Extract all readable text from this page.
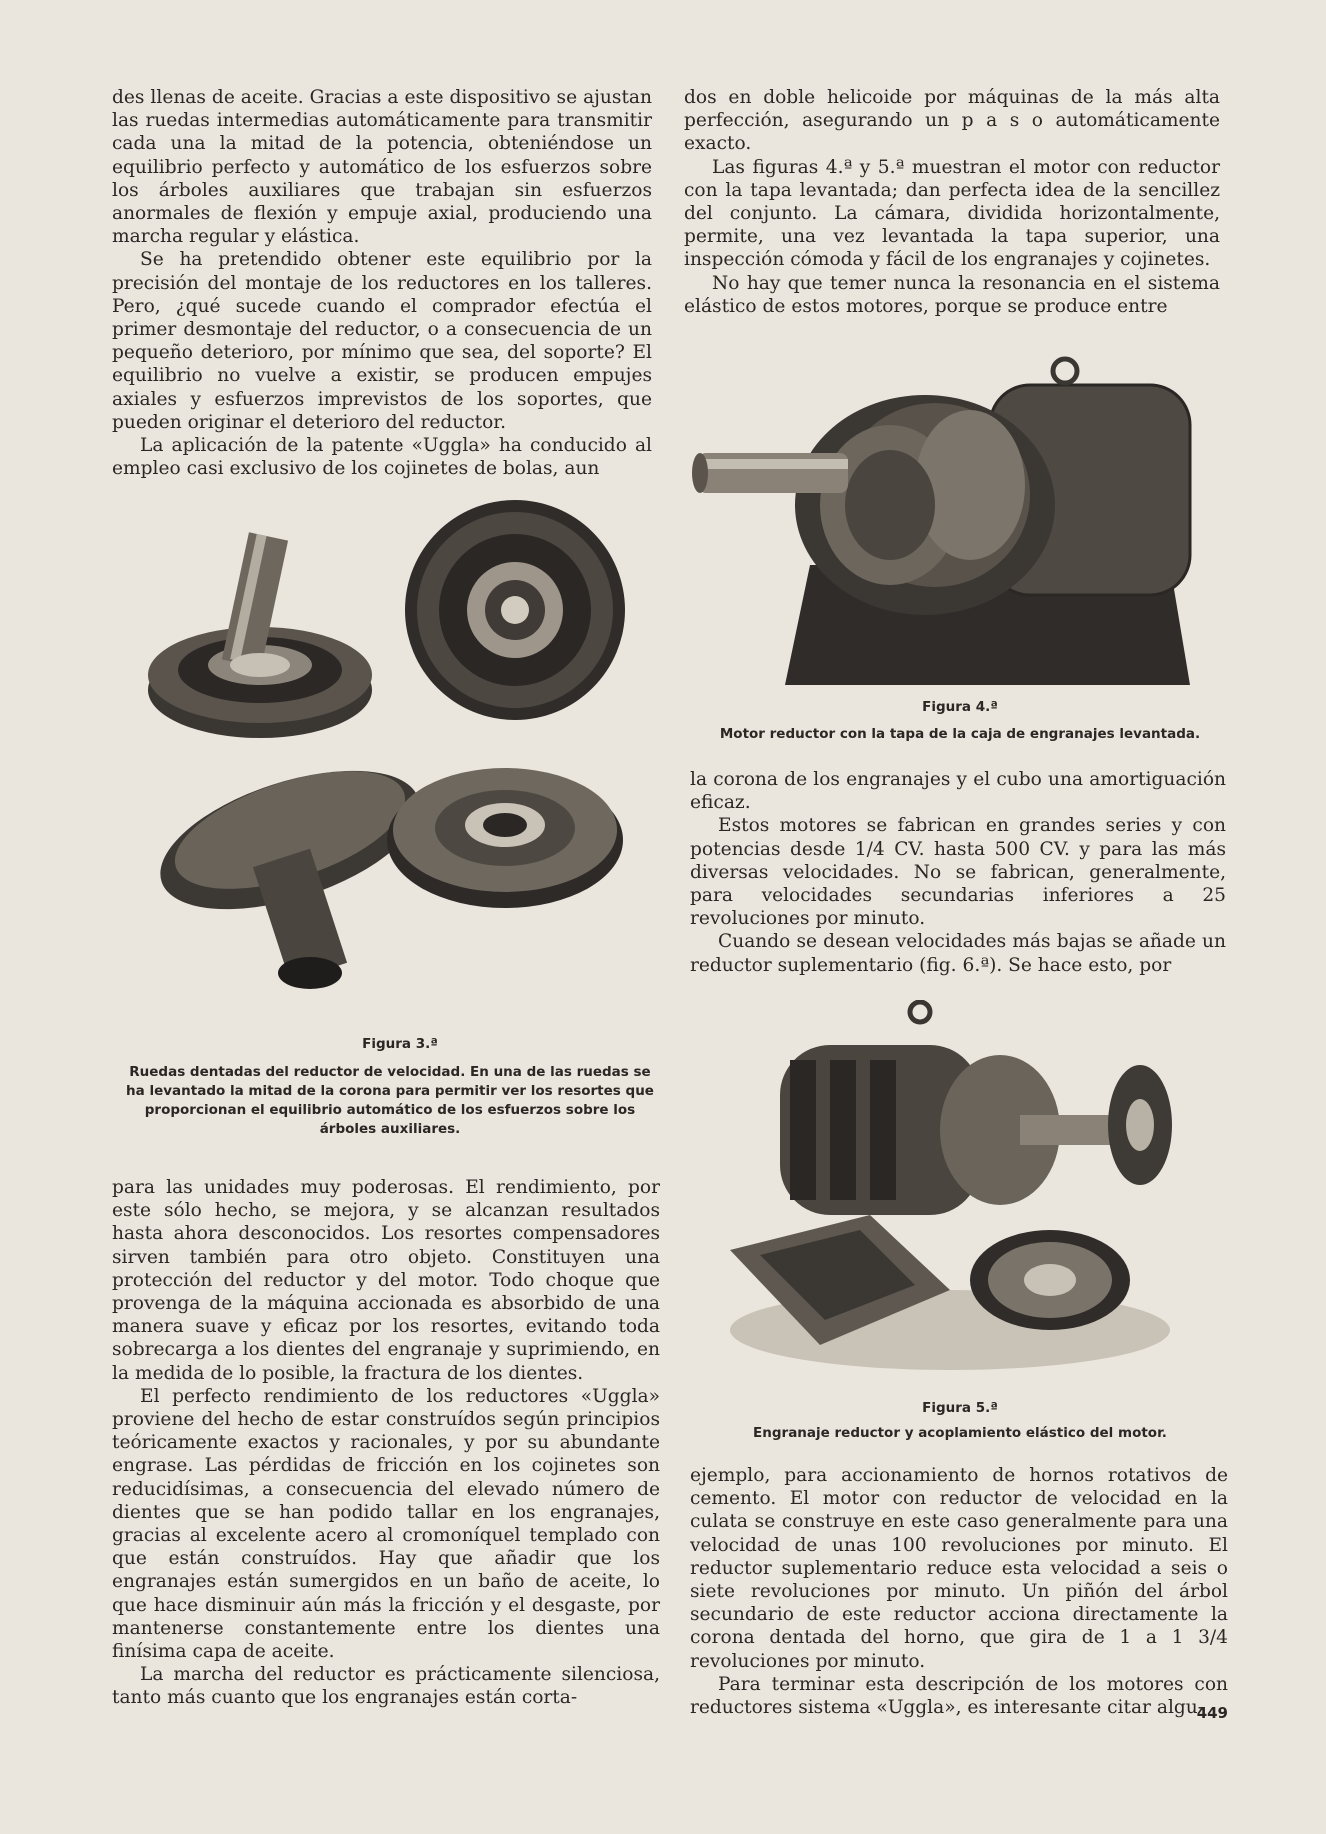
des llenas de aceite. Gracias a este dispositivo se ajustan las ruedas intermedias automáticamente para transmitir cada una la mitad de la potencia, obteniéndose un equilibrio perfecto y automático de los esfuerzos sobre los árboles auxiliares que trabajan sin esfuerzos anormales de flexión y empuje axial, produciendo una marcha regular y elástica.

Se ha pretendido obtener este equilibrio por la precisión del montaje de los reductores en los talleres. Pero, ¿qué sucede cuando el comprador efectúa el primer desmontaje del reductor, o a consecuencia de un pequeño deterioro, por mínimo que sea, del soporte? El equilibrio no vuelve a existir, se producen empujes axiales y esfuerzos imprevistos de los soportes, que pueden originar el deterioro del reductor.

La aplicación de la patente «Uggla» ha conducido al empleo casi exclusivo de los cojinetes de bolas, aun

Figura 3.ª
Ruedas dentadas del reductor de velocidad. En una de las ruedas se ha levantado la mitad de la corona para permitir ver los resortes que proporcionan el equilibrio automático de los esfuerzos sobre los árboles auxiliares.

para las unidades muy poderosas. El rendimiento, por este sólo hecho, se mejora, y se alcanzan resultados hasta ahora desconocidos. Los resortes compensadores sirven también para otro objeto. Constituyen una protección del reductor y del motor. Todo choque que provenga de la máquina accionada es absorbido de una manera suave y eficaz por los resortes, evitando toda sobrecarga a los dientes del engranaje y suprimiendo, en la medida de lo posible, la fractura de los dientes.

El perfecto rendimiento de los reductores «Uggla» proviene del hecho de estar construídos según principios teóricamente exactos y racionales, y por su abundante engrase. Las pérdidas de fricción en los cojinetes son reducidísimas, a consecuencia del elevado número de dientes que se han podido tallar en los engranajes, gracias al excelente acero al cromoníquel templado con que están construídos. Hay que añadir que los engranajes están sumergidos en un baño de aceite, lo que hace disminuir aún más la fricción y el desgaste, por mantenerse constantemente entre los dientes una finísima capa de aceite.

La marcha del reductor es prácticamente silenciosa, tanto más cuanto que los engranajes están corta-

dos en doble helicoide por máquinas de la más alta perfección, asegurando un p a s o automáticamente exacto.

Las figuras 4.ª y 5.ª muestran el motor con reductor con la tapa levantada; dan perfecta idea de la sencillez del conjunto. La cámara, dividida horizontalmente, permite, una vez levantada la tapa superior, una inspección cómoda y fácil de los engranajes y cojinetes.

No hay que temer nunca la resonancia en el sistema elástico de estos motores, porque se produce entre

Figura 4.ª
Motor reductor con la tapa de la caja de engranajes levantada.

la corona de los engranajes y el cubo una amortiguación eficaz.

Estos motores se fabrican en grandes series y con potencias desde 1/4 CV. hasta 500 CV. y para las más diversas velocidades. No se fabrican, generalmente, para velocidades secundarias inferiores a 25 revoluciones por minuto.

Cuando se desean velocidades más bajas se añade un reductor suplementario (fig. 6.ª). Se hace esto, por

Figura 5.ª
Engranaje reductor y acoplamiento elástico del motor.

ejemplo, para accionamiento de hornos rotativos de cemento. El motor con reductor de velocidad en la culata se construye en este caso generalmente para una velocidad de unas 100 revoluciones por minuto. El reductor suplementario reduce esta velocidad a seis o siete revoluciones por minuto. Un piñón del árbol secundario de este reductor acciona directamente la corona dentada del horno, que gira de 1 a 1 3/4 revoluciones por minuto.

Para terminar esta descripción de los motores con reductores sistema «Uggla», es interesante citar algu-

449
